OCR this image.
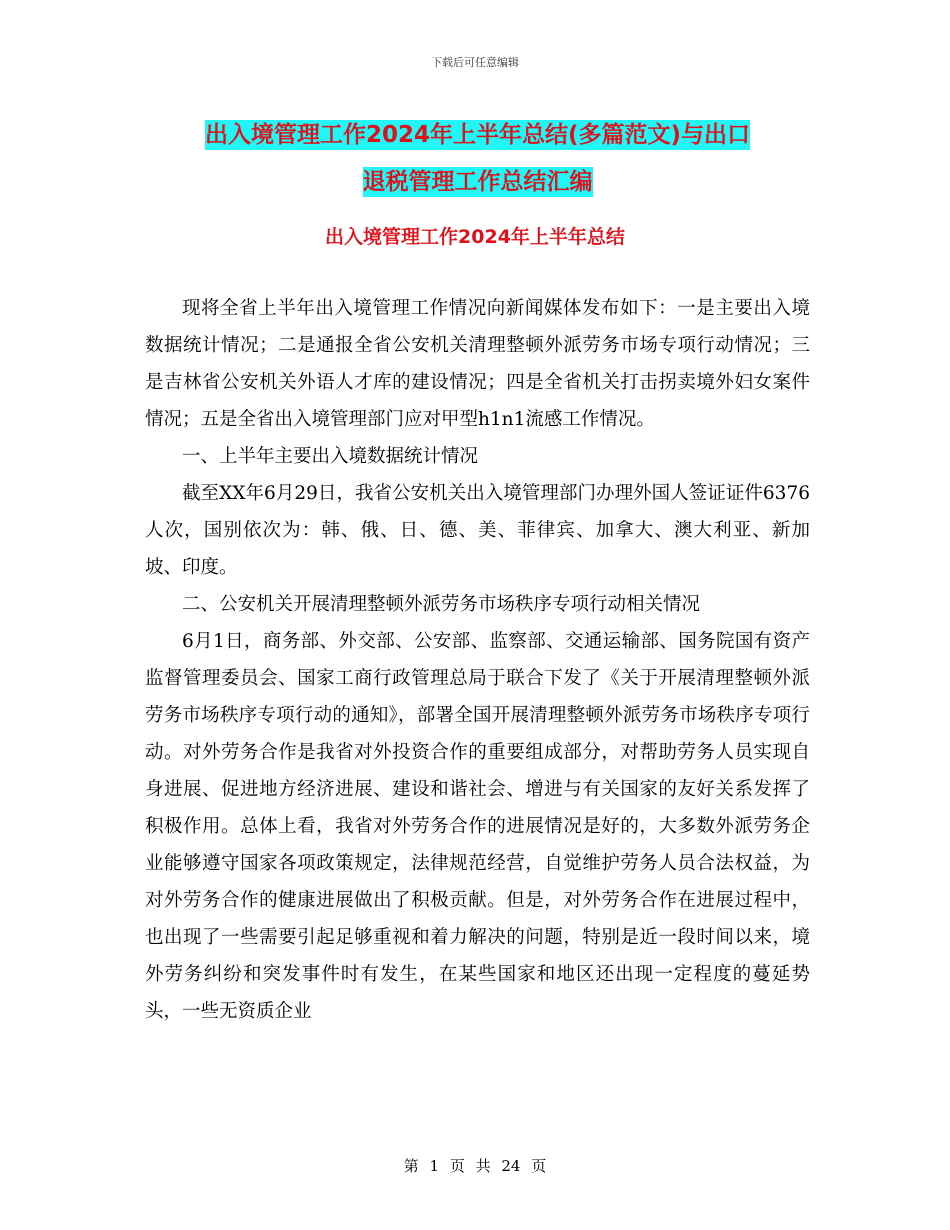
下载后可任意编辑
出入境管理工作2024年上半年总结(多篇范文)与出口
退税管理工作总结汇编
出入境管理工作2024年上半年总结

现将全省上半年出入境管理工作情况向新闻媒体发布如下：一是主要出入境数据统计情况；二是通报全省公安机关清理整顿外派劳务市场专项行动情况；三是吉林省公安机关外语人才库的建设情况；四是全省机关打击拐卖境外妇女案件情况；五是全省出入境管理部门应对甲型h1n1流感工作情况。

一、上半年主要出入境数据统计情况

截至XX年6月29日，我省公安机关出入境管理部门办理外国人签证证件6376人次，国别依次为：韩、俄、日、德、美、菲律宾、加拿大、澳大利亚、新加坡、印度。

二、公安机关开展清理整顿外派劳务市场秩序专项行动相关情况

6月1日，商务部、外交部、公安部、监察部、交通运输部、国务院国有资产监督管理委员会、国家工商行政管理总局于联合下发了《关于开展清理整顿外派劳务市场秩序专项行动的通知》，部署全国开展清理整顿外派劳务市场秩序专项行动。对外劳务合作是我省对外投资合作的重要组成部分，对帮助劳务人员实现自身进展、促进地方经济进展、建设和谐社会、增进与有关国家的友好关系发挥了积极作用。总体上看，我省对外劳务合作的进展情况是好的，大多数外派劳务企业能够遵守国家各项政策规定，法律规范经营，自觉维护劳务人员合法权益，为对外劳务合作的健康进展做出了积极贡献。但是，对外劳务合作在进展过程中，也出现了一些需要引起足够重视和着力解决的问题，特别是近一段时间以来，境外劳务纠纷和突发事件时有发生，在某些国家和地区还出现一定程度的蔓延势头，一些无资质企业

第 1 页 共 24 页
